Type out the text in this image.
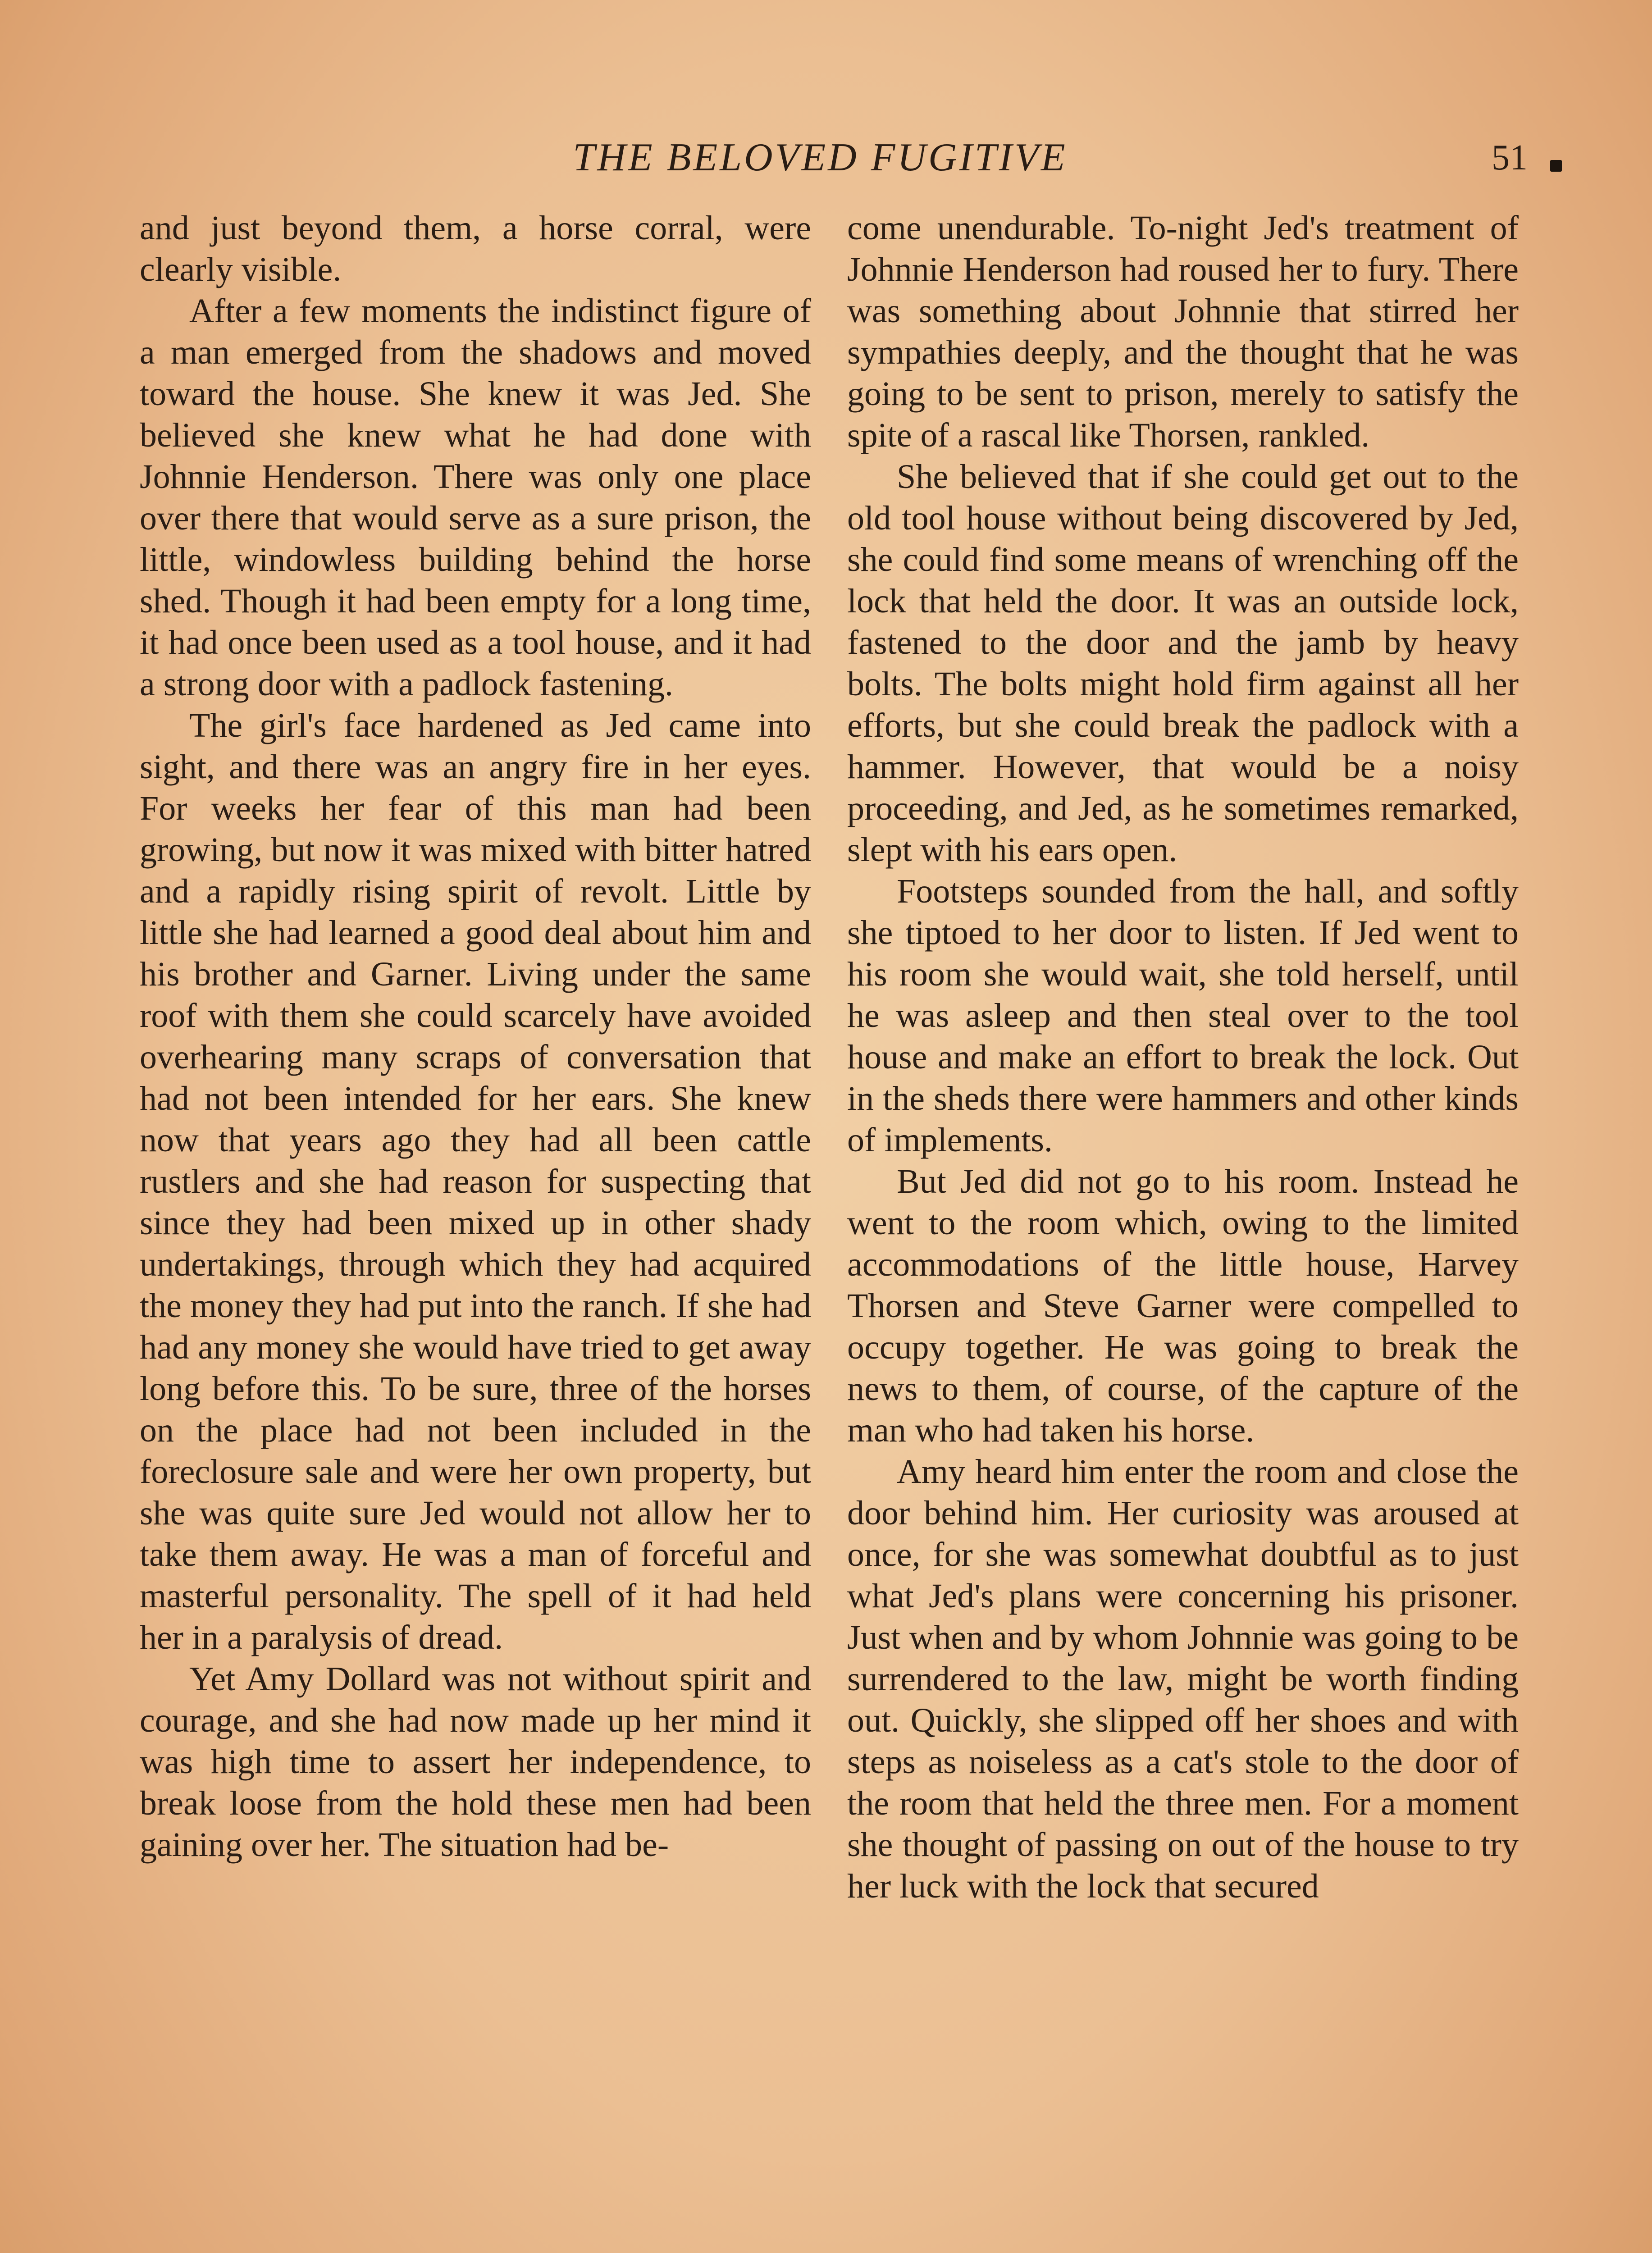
THE BELOVED FUGITIVE	51

and just beyond them, a horse corral, were clearly visible.

After a few moments the indistinct figure of a man emerged from the shadows and moved toward the house. She knew it was Jed. She believed she knew what he had done with Johnnie Henderson. There was only one place over there that would serve as a sure prison, the little, windowless building behind the horse shed. Though it had been empty for a long time, it had once been used as a tool house, and it had a strong door with a padlock fastening.

The girl's face hardened as Jed came into sight, and there was an angry fire in her eyes. For weeks her fear of this man had been growing, but now it was mixed with bitter hatred and a rapidly rising spirit of revolt. Little by little she had learned a good deal about him and his brother and Garner. Living under the same roof with them she could scarcely have avoided overhearing many scraps of conversation that had not been intended for her ears. She knew now that years ago they had all been cattle rustlers and she had reason for suspecting that since they had been mixed up in other shady undertakings, through which they had acquired the money they had put into the ranch. If she had had any money she would have tried to get away long before this. To be sure, three of the horses on the place had not been included in the foreclosure sale and were her own property, but she was quite sure Jed would not allow her to take them away. He was a man of forceful and masterful personality. The spell of it had held her in a paralysis of dread.

Yet Amy Dollard was not without spirit and courage, and she had now made up her mind it was high time to assert her independence, to break loose from the hold these men had been gaining over her. The situation had be-

come unendurable. To-night Jed's treatment of Johnnie Henderson had roused her to fury. There was something about Johnnie that stirred her sympathies deeply, and the thought that he was going to be sent to prison, merely to satisfy the spite of a rascal like Thorsen, rankled.

She believed that if she could get out to the old tool house without being discovered by Jed, she could find some means of wrenching off the lock that held the door. It was an outside lock, fastened to the door and the jamb by heavy bolts. The bolts might hold firm against all her efforts, but she could break the padlock with a hammer. However, that would be a noisy proceeding, and Jed, as he sometimes remarked, slept with his ears open.

Footsteps sounded from the hall, and softly she tiptoed to her door to listen. If Jed went to his room she would wait, she told herself, until he was asleep and then steal over to the tool house and make an effort to break the lock. Out in the sheds there were hammers and other kinds of implements.

But Jed did not go to his room. Instead he went to the room which, owing to the limited accommodations of the little house, Harvey Thorsen and Steve Garner were compelled to occupy together. He was going to break the news to them, of course, of the capture of the man who had taken his horse.

Amy heard him enter the room and close the door behind him. Her curiosity was aroused at once, for she was somewhat doubtful as to just what Jed's plans were concerning his prisoner. Just when and by whom Johnnie was going to be surrendered to the law, might be worth finding out. Quickly, she slipped off her shoes and with steps as noiseless as a cat's stole to the door of the room that held the three men. For a moment she thought of passing on out of the house to try her luck with the lock that secured
